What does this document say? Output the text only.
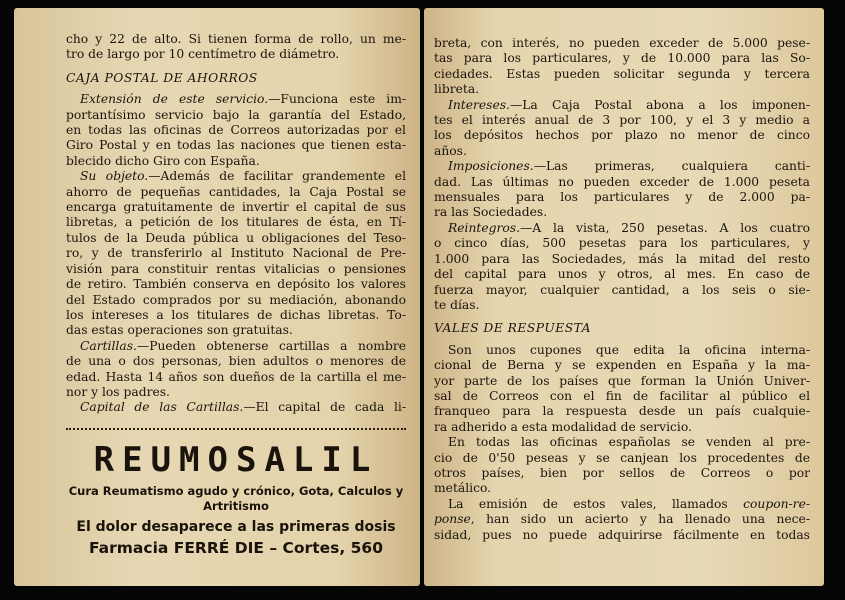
cho y 22 de alto. Si tienen forma de rollo, un me-
tro de largo por 10 centímetro de diámetro.
CAJA POSTAL DE AHORROS
Extensión de este servicio.—Funciona este im-
portantísimo servicio bajo la garantía del Estado,
en todas las oficinas de Correos autorizadas por el
Giro Postal y en todas las naciones que tienen esta-
blecido dicho Giro con España.
Su objeto.—Además de facilitar grandemente el
ahorro de pequeñas cantidades, la Caja Postal se
encarga gratuitamente de invertir el capital de sus
libretas, a petición de los titulares de ésta, en Tí-
tulos de la Deuda pública u obligaciones del Teso-
ro, y de transferirlo al Instituto Nacional de Pre-
visión para constituir rentas vitalicias o pensiones
de retiro. También conserva en depósito los valores
del Estado comprados por su mediación, abonando
los intereses a los titulares de dichas libretas. To-
das estas operaciones son gratuitas.
Cartillas.—Pueden obtenerse cartillas a nombre
de una o dos personas, bien adultos o menores de
edad. Hasta 14 años son dueños de la cartilla el me-
nor y los padres.
Capital de las Cartillas.—El capital de cada li-
REUMOSALIL
Cura Reumatismo agudo y crónico, Gota, Calculos y Artritismo
El dolor desaparece a las primeras dosis
Farmacia FERRÉ DIE – Cortes, 560
breta, con interés, no pueden exceder de 5.000 pese-
tas para los particulares, y de 10.000 para las So-
ciedades. Estas pueden solicitar segunda y tercera
libreta.
Intereses.—La Caja Postal abona a los imponen-
tes el interés anual de 3 por 100, y el 3 y medio a
los depósitos hechos por plazo no menor de cinco
años.
Imposiciones.—Las primeras, cualquiera canti-
dad. Las últimas no pueden exceder de 1.000 peseta
mensuales para los particulares y de 2.000 pa-
ra las Sociedades.
Reintegros.—A la vista, 250 pesetas. A los cuatro
o cinco días, 500 pesetas para los particulares, y
1.000 para las Sociedades, más la mitad del resto
del capital para unos y otros, al mes. En caso de
fuerza mayor, cualquier cantidad, a los seis o sie-
te días.
VALES DE RESPUESTA
Son unos cupones que edita la oficina interna-
cional de Berna y se expenden en España y la ma-
yor parte de los países que forman la Unión Univer-
sal de Correos con el fin de facilitar al público el
franqueo para la respuesta desde un país cualquie-
ra adherido a esta modalidad de servicio.
En todas las oficinas españolas se venden al pre-
cio de 0'50 peseas y se canjean los procedentes de
otros países, bien por sellos de Correos o por
metálico.
La emisión de estos vales, llamados coupon-re-
ponse, han sido un acierto y ha llenado una nece-
sidad, pues no puede adquirirse fácilmente en todas
